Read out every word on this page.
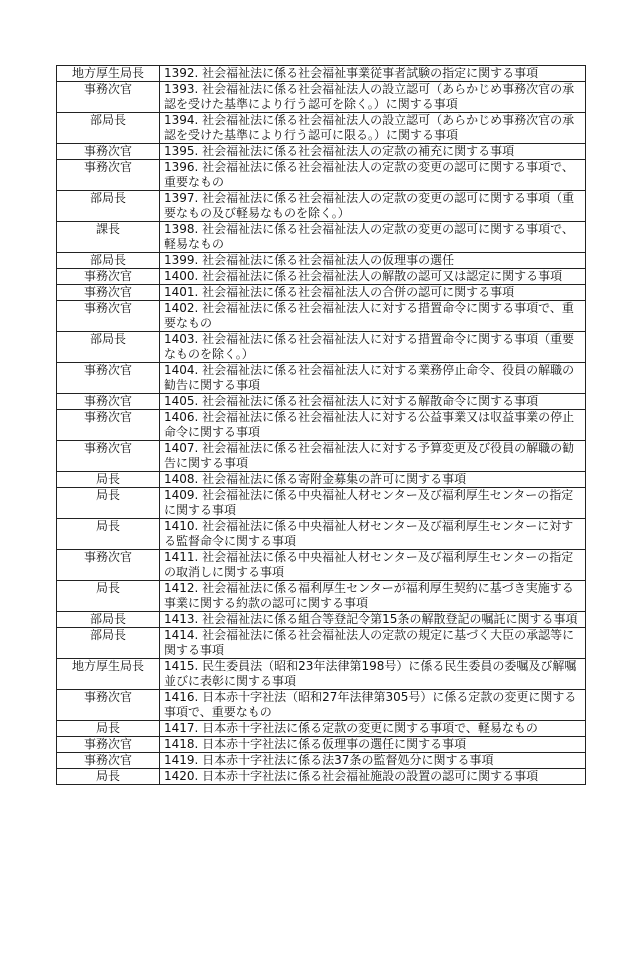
地方厚生局長	1392. 社会福祉法に係る社会福祉事業従事者試験の指定に関する事項
事務次官	1393. 社会福祉法に係る社会福祉法人の設立認可（あらかじめ事務次官の承認を受けた基準により行う認可を除く。）に関する事項
部局長	1394. 社会福祉法に係る社会福祉法人の設立認可（あらかじめ事務次官の承認を受けた基準により行う認可に限る。）に関する事項
事務次官	1395. 社会福祉法に係る社会福祉法人の定款の補充に関する事項
事務次官	1396. 社会福祉法に係る社会福祉法人の定款の変更の認可に関する事項で、重要なもの
部局長	1397. 社会福祉法に係る社会福祉法人の定款の変更の認可に関する事項（重要なもの及び軽易なものを除く。）
課長	1398. 社会福祉法に係る社会福祉法人の定款の変更の認可に関する事項で、軽易なもの
部局長	1399. 社会福祉法に係る社会福祉法人の仮理事の選任
事務次官	1400. 社会福祉法に係る社会福祉法人の解散の認可又は認定に関する事項
事務次官	1401. 社会福祉法に係る社会福祉法人の合併の認可に関する事項
事務次官	1402. 社会福祉法に係る社会福祉法人に対する措置命令に関する事項で、重要なもの
部局長	1403. 社会福祉法に係る社会福祉法人に対する措置命令に関する事項（重要なものを除く。）
事務次官	1404. 社会福祉法に係る社会福祉法人に対する業務停止命令、役員の解職の勧告に関する事項
事務次官	1405. 社会福祉法に係る社会福祉法人に対する解散命令に関する事項
事務次官	1406. 社会福祉法に係る社会福祉法人に対する公益事業又は収益事業の停止命令に関する事項
事務次官	1407. 社会福祉法に係る社会福祉法人に対する予算変更及び役員の解職の勧告に関する事項
局長	1408. 社会福祉法に係る寄附金募集の許可に関する事項
局長	1409. 社会福祉法に係る中央福祉人材センター及び福利厚生センターの指定に関する事項
局長	1410. 社会福祉法に係る中央福祉人材センター及び福利厚生センターに対する監督命令に関する事項
事務次官	1411. 社会福祉法に係る中央福祉人材センター及び福利厚生センターの指定の取消しに関する事項
局長	1412. 社会福祉法に係る福利厚生センターが福利厚生契約に基づき実施する事業に関する約款の認可に関する事項
部局長	1413. 社会福祉法に係る組合等登記令第15条の解散登記の嘱託に関する事項
部局長	1414. 社会福祉法に係る社会福祉法人の定款の規定に基づく大臣の承認等に関する事項
地方厚生局長	1415. 民生委員法（昭和23年法律第198号）に係る民生委員の委嘱及び解嘱並びに表彰に関する事項
事務次官	1416. 日本赤十字社法（昭和27年法律第305号）に係る定款の変更に関する事項で、重要なもの
局長	1417. 日本赤十字社法に係る定款の変更に関する事項で、軽易なもの
事務次官	1418. 日本赤十字社法に係る仮理事の選任に関する事項
事務次官	1419. 日本赤十字社法に係る法37条の監督処分に関する事項
局長	1420. 日本赤十字社法に係る社会福祉施設の設置の認可に関する事項
